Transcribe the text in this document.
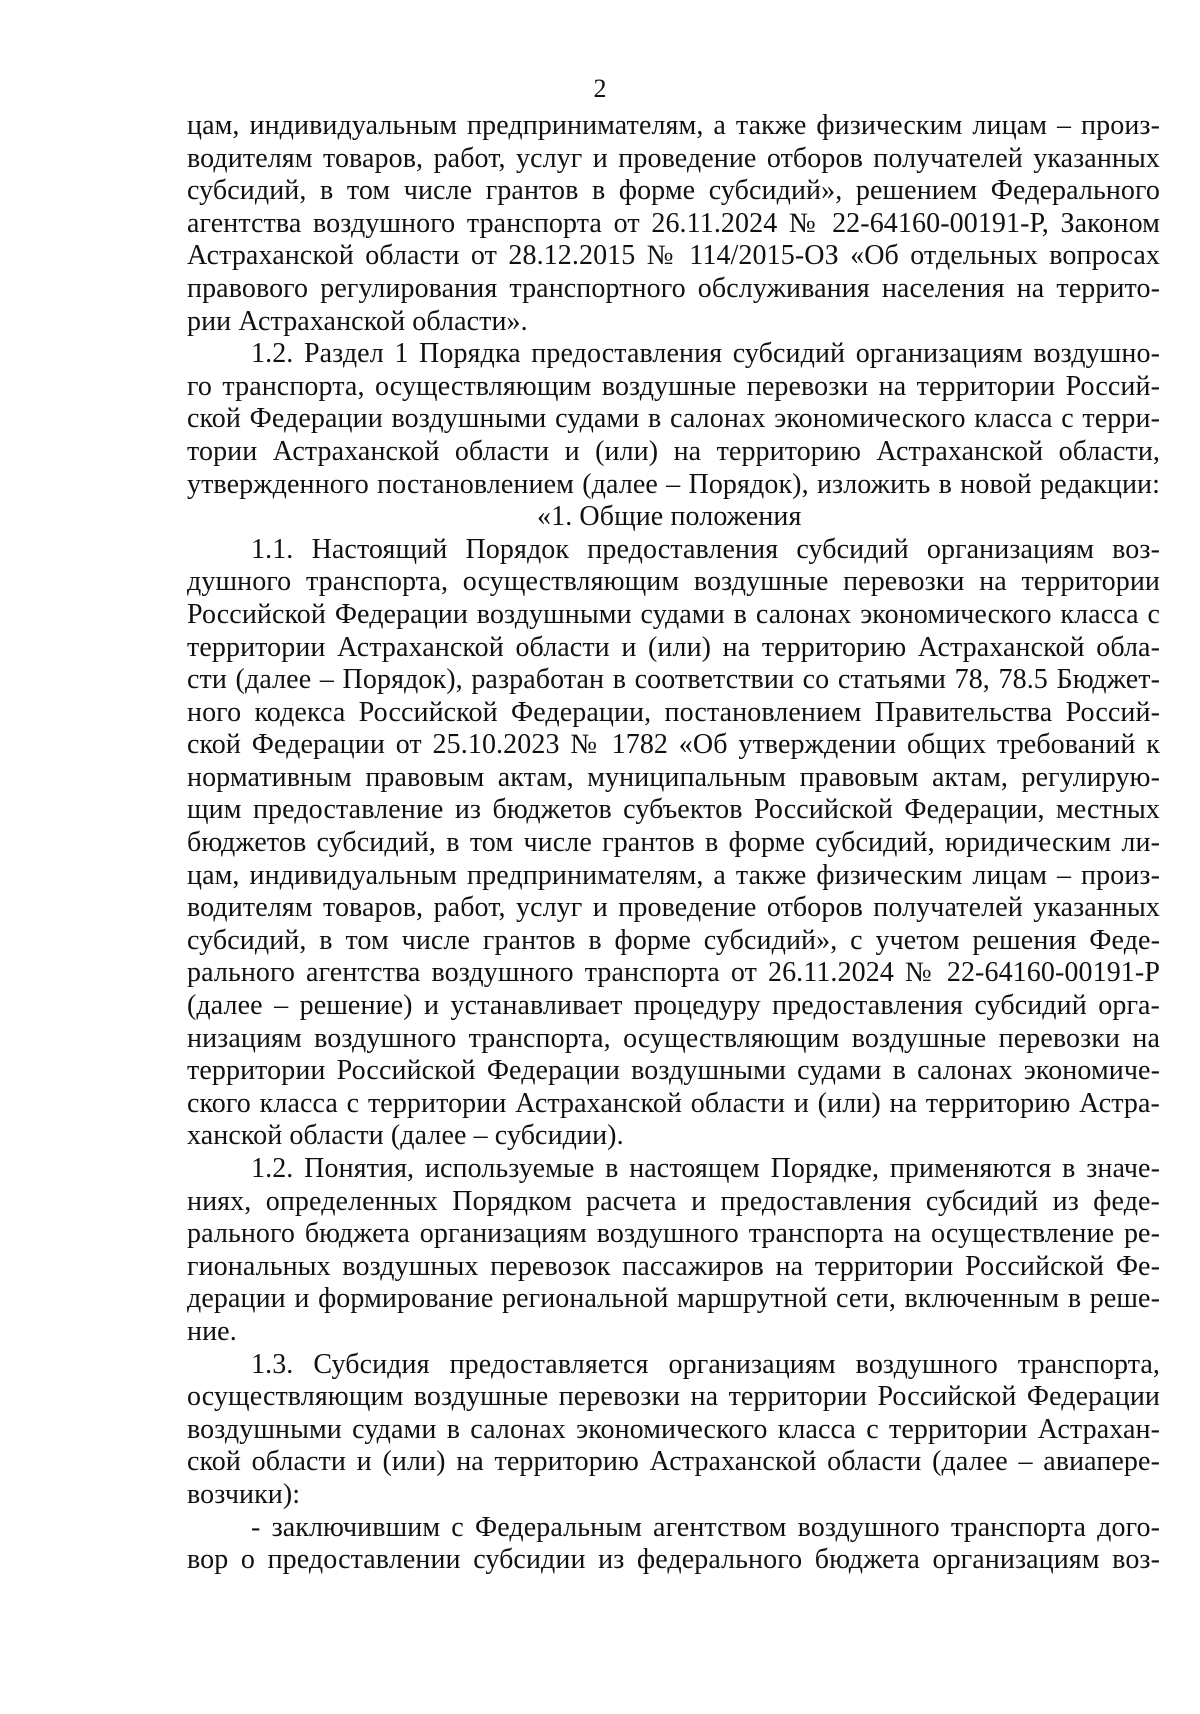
2
цам, индивидуальным предпринимателям, а также физическим лицам – произ-
водителям товаров, работ, услуг и проведение отборов получателей указанных
субсидий, в том числе грантов в форме субсидий», решением Федерального
агентства воздушного транспорта от 26.11.2024 № 22-64160-00191-Р, Законом
Астраханской области от 28.12.2015 № 114/2015-ОЗ «Об отдельных вопросах
правового регулирования транспортного обслуживания населения на террито-
рии Астраханской области».
1.2. Раздел 1 Порядка предоставления субсидий организациям воздушно-
го транспорта, осуществляющим воздушные перевозки на территории Россий-
ской Федерации воздушными судами в салонах экономического класса с терри-
тории Астраханской области и (или) на территорию Астраханской области,
утвержденного постановлением (далее – Порядок), изложить в новой редакции:
«1. Общие положения
1.1. Настоящий Порядок предоставления субсидий организациям воз-
душного транспорта, осуществляющим воздушные перевозки на территории
Российской Федерации воздушными судами в салонах экономического класса с
территории Астраханской области и (или) на территорию Астраханской обла-
сти (далее – Порядок), разработан в соответствии со статьями 78, 78.5 Бюджет-
ного кодекса Российской Федерации, постановлением Правительства Россий-
ской Федерации от 25.10.2023 № 1782 «Об утверждении общих требований к
нормативным правовым актам, муниципальным правовым актам, регулирую-
щим предоставление из бюджетов субъектов Российской Федерации, местных
бюджетов субсидий, в том числе грантов в форме субсидий, юридическим ли-
цам, индивидуальным предпринимателям, а также физическим лицам – произ-
водителям товаров, работ, услуг и проведение отборов получателей указанных
субсидий, в том числе грантов в форме субсидий», с учетом решения Феде-
рального агентства воздушного транспорта от 26.11.2024 № 22-64160-00191-Р
(далее – решение) и устанавливает процедуру предоставления субсидий орга-
низациям воздушного транспорта, осуществляющим воздушные перевозки на
территории Российской Федерации воздушными судами в салонах экономиче-
ского класса с территории Астраханской области и (или) на территорию Астра-
ханской области (далее – субсидии).
1.2. Понятия, используемые в настоящем Порядке, применяются в значе-
ниях, определенных Порядком расчета и предоставления субсидий из феде-
рального бюджета организациям воздушного транспорта на осуществление ре-
гиональных воздушных перевозок пассажиров на территории Российской Фе-
дерации и формирование региональной маршрутной сети, включенным в реше-
ние.
1.3. Субсидия предоставляется организациям воздушного транспорта,
осуществляющим воздушные перевозки на территории Российской Федерации
воздушными судами в салонах экономического класса с территории Астрахан-
ской области и (или) на территорию Астраханской области (далее – авиапере-
возчики):
- заключившим с Федеральным агентством воздушного транспорта дого-
вор о предоставлении субсидии из федерального бюджета организациям воз-
